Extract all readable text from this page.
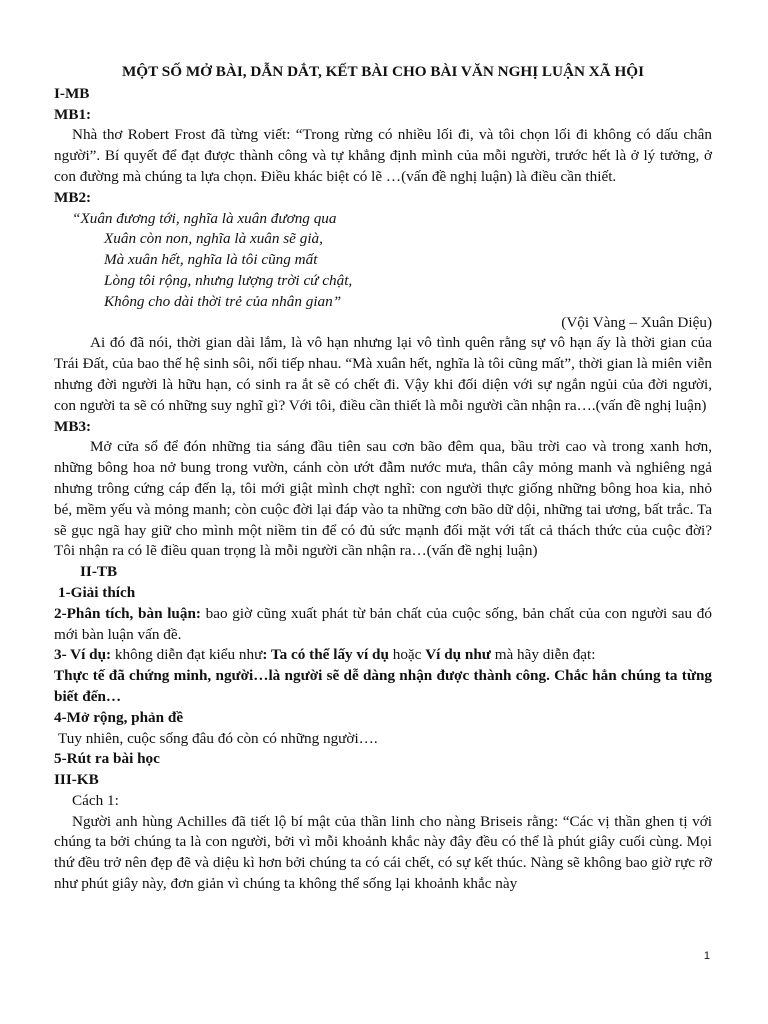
MỘT SỐ MỞ BÀI, DẪN DẮT, KẾT BÀI CHO BÀI VĂN NGHỊ LUẬN XÃ HỘI

I-MB

MB1:

Nhà thơ Robert Frost đã từng viết: “Trong rừng có nhiều lối đi, và tôi chọn lối đi không có dấu chân người”. Bí quyết để đạt được thành công và tự khẳng định mình của mỗi người, trước hết là ở lý tưởng, ở con đường mà chúng ta lựa chọn. Điều khác biệt có lẽ …(vấn đề nghị luận) là điều cần thiết.

MB2:

“Xuân đương tới, nghĩa là xuân đương qua

Xuân còn non, nghĩa là xuân sẽ già,

Mà xuân hết, nghĩa là tôi cũng mất

Lòng tôi rộng, nhưng lượng trời cứ chật,

Không cho dài thời trẻ của nhân gian”

(Vội Vàng – Xuân Diệu)

Ai đó đã nói, thời gian dài lắm, là vô hạn nhưng lại vô tình quên rằng sự vô hạn ấy là thời gian của Trái Đất, của bao thế hệ sinh sôi, nối tiếp nhau. “Mà xuân hết, nghĩa là tôi cũng mất”, thời gian là miên viễn nhưng đời người là hữu hạn, có sinh ra ắt sẽ có chết đi. Vậy khi đối diện với sự ngắn ngủi của đời người, con người ta sẽ có những suy nghĩ gì? Với tôi, điều cần thiết là mỗi người cần nhận ra….(vấn đề nghị luận)

MB3:

Mở cửa sổ để đón những tia sáng đầu tiên sau cơn bão đêm qua, bầu trời cao và trong xanh hơn, những bông hoa nở bung trong vườn, cánh còn ướt đẫm nước mưa, thân cây mỏng manh và nghiêng ngả nhưng trông cứng cáp đến lạ, tôi mới giật mình chợt nghĩ: con người thực giống những bông hoa kia, nhỏ bé, mềm yếu và mỏng manh; còn cuộc đời lại đáp vào ta những cơn bão dữ dội, những tai ương, bất trắc. Ta sẽ gục ngã hay giữ cho mình một niềm tin để có đủ sức mạnh đối mặt với tất cả thách thức của cuộc đời? Tôi nhận ra có lẽ điều quan trọng là mỗi người cần nhận ra…(vấn đề nghị luận)

II-TB

1-Giải thích

2-Phân tích, bàn luận: bao giờ cũng xuất phát từ bản chất của cuộc sống, bản chất của con người sau đó mới bàn luận vấn đề.

3- Ví dụ: không diễn đạt kiểu như: Ta có thể lấy ví dụ hoặc Ví dụ như mà hãy diễn đạt:

Thực tế đã chứng minh, người…là người sẽ dễ dàng nhận được thành công. Chắc hẳn chúng ta từng biết đến…

4-Mở rộng, phản đề

Tuy nhiên, cuộc sống đâu đó còn có những người….

5-Rút ra bài học

III-KB

Cách 1:

Người anh hùng Achilles đã tiết lộ bí mật của thần linh cho nàng Briseis rằng: “Các vị thần ghen tị với chúng ta bởi chúng ta là con người, bởi vì mỗi khoảnh khắc này đây đều có thể là phút giây cuối cùng. Mọi thứ đều trở nên đẹp đẽ và diệu kì hơn bởi chúng ta có cái chết, có sự kết thúc. Nàng sẽ không bao giờ rực rỡ như phút giây này, đơn giản vì chúng ta không thể sống lại khoảnh khắc này

1
